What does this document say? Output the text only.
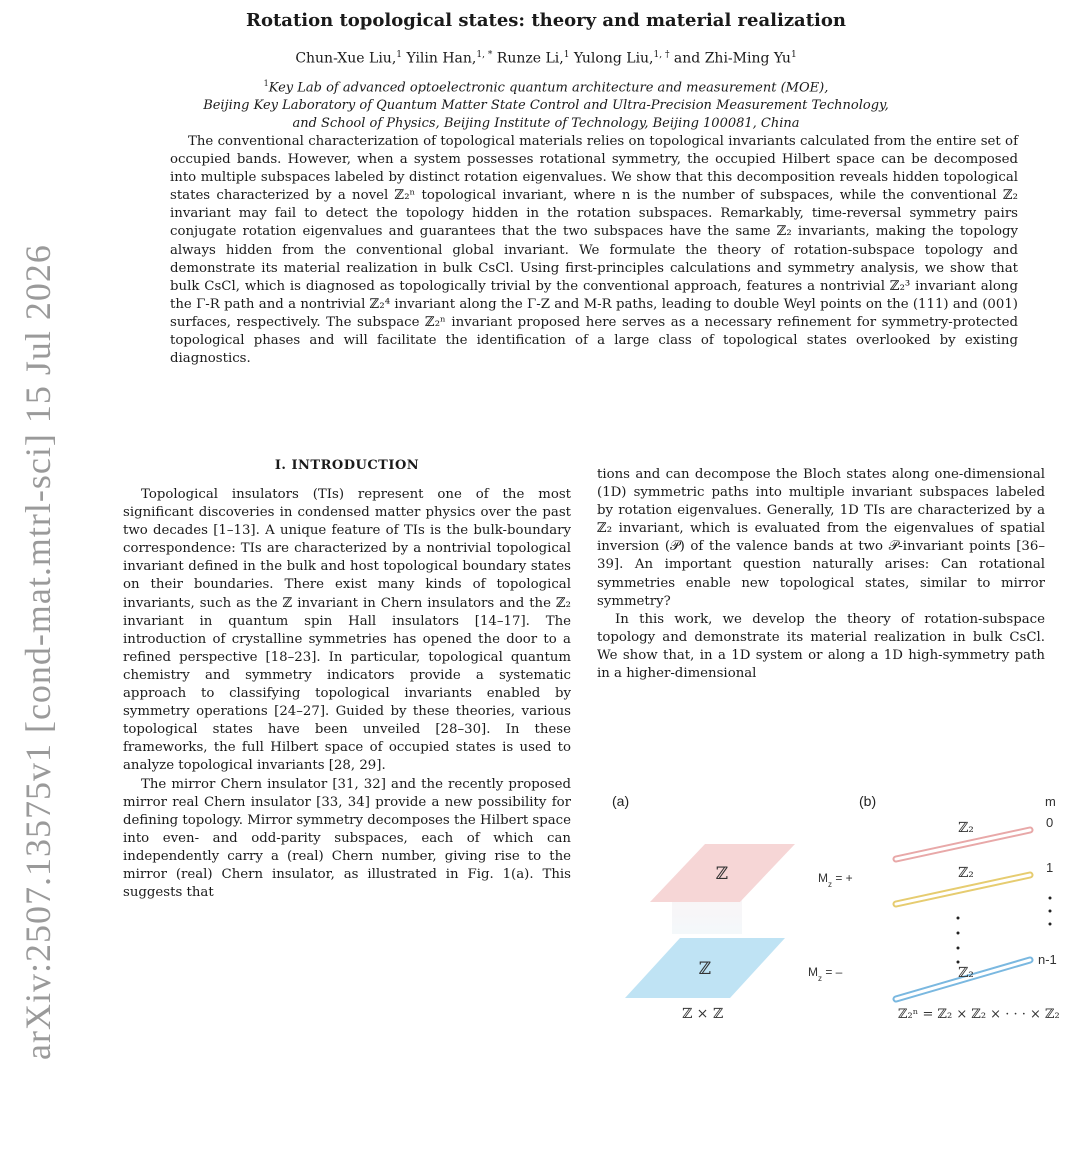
arXiv:2507.13575v1 [cond-mat.mtrl-sci] 15 Jul 2026
Rotation topological states: theory and material realization
Chun-Xue Liu,$^1$ Yilin Han,$^{1, *}$ Runze Li,$^1$ Yulong Liu,$^{1, \dagger}$ and Zhi-Ming Yu$^1$
$^1$Key Lab of advanced optoelectronic quantum architecture and measurement (MOE),
Beijing Key Laboratory of Quantum Matter State Control and Ultra-Precision Measurement Technology,
and School of Physics, Beijing Institute of Technology, Beijing 100081, China
The conventional characterization of topological materials relies on topological invariants calculated from the entire set of occupied bands. However, when a system possesses rotational symmetry, the occupied Hilbert space can be decomposed into multiple subspaces labeled by distinct rotation eigenvalues. We show that this decomposition reveals hidden topological states characterized by a novel ℤ₂ⁿ topological invariant, where n is the number of subspaces, while the conventional ℤ₂ invariant may fail to detect the topology hidden in the rotation subspaces. Remarkably, time-reversal symmetry pairs conjugate rotation eigenvalues and guarantees that the two subspaces have the same ℤ₂ invariants, making the topology always hidden from the conventional global invariant. We formulate the theory of rotation-subspace topology and demonstrate its material realization in bulk CsCl. Using first-principles calculations and symmetry analysis, we show that bulk CsCl, which is diagnosed as topologically trivial by the conventional approach, features a nontrivial ℤ₂³ invariant along the Γ-R path and a nontrivial ℤ₂⁴ invariant along the Γ-Z and M-R paths, leading to double Weyl points on the (111) and (001) surfaces, respectively. The subspace ℤ₂ⁿ invariant proposed here serves as a necessary refinement for symmetry-protected topological phases and will facilitate the identification of a large class of topological states overlooked by existing diagnostics.
I. INTRODUCTION

Topological insulators (TIs) represent one of the most significant discoveries in condensed matter physics over the past two decades [1–13]. A unique feature of TIs is the bulk-boundary correspondence: TIs are characterized by a nontrivial topological invariant defined in the bulk and host topological boundary states on their boundaries. There exist many kinds of topological invariants, such as the ℤ invariant in Chern insulators and the ℤ₂ invariant in quantum spin Hall insulators [14–17]. The introduction of crystalline symmetries has opened the door to a refined perspective [18–23]. In particular, topological quantum chemistry and symmetry indicators provide a systematic approach to classifying topological invariants enabled by symmetry operations [24–27]. Guided by these theories, various topological states have been unveiled [28–30]. In these frameworks, the full Hilbert space of occupied states is used to analyze topological invariants [28, 29].

The mirror Chern insulator [31, 32] and the recently proposed mirror real Chern insulator [33, 34] provide a new possibility for defining topology. Mirror symmetry decomposes the Hilbert space into even- and odd-parity subspaces, each of which can independently carry a (real) Chern number, giving rise to the mirror (real) Chern insulator, as illustrated in Fig. 1(a). This suggests that

tions and can decompose the Bloch states along one-dimensional (1D) symmetric paths into multiple invariant subspaces labeled by rotation eigenvalues. Generally, 1D TIs are characterized by a ℤ₂ invariant, which is evaluated from the eigenvalues of spatial inversion (𝒫) of the valence bands at two 𝒫-invariant points [36–39]. An important question naturally arises: Can rotational symmetries enable new topological states, similar to mirror symmetry?

In this work, we develop the theory of rotation-subspace topology and demonstrate its material realization in bulk CsCl. We show that, in a 1D system or along a 1D high-symmetry path in a higher-dimensional

(a)
ℤ	$M_z$ = +
ℤ	$M_z$ = –
ℤ × ℤ
(b)	m
ℤ₂	0
ℤ₂	1
ℤ₂
n-1
ℤ₂ⁿ = ℤ₂ × ℤ₂ × · · · × ℤ₂
